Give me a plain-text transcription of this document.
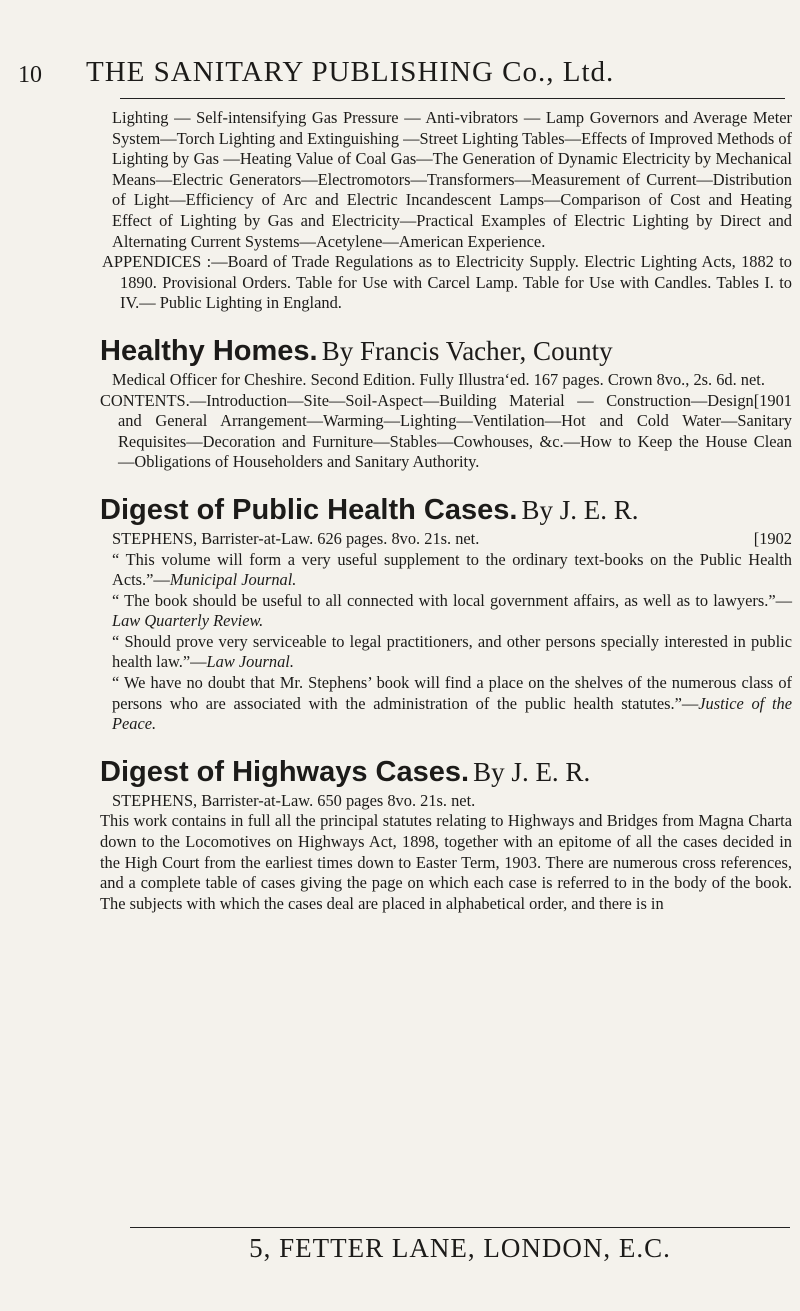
10 THE SANITARY PUBLISHING Co., Ltd.

Lighting — Self-intensifying Gas Pressure — Anti-vibrators — Lamp Governors and Average Meter System—Torch Lighting and Extinguishing —Street Lighting Tables—Effects of Improved Methods of Lighting by Gas —Heating Value of Coal Gas—The Generation of Dynamic Electricity by Mechanical Means—Electric Generators—Electromotors—Transformers—Measurement of Current—Distribution of Light—Efficiency of Arc and Electric Incandescent Lamps—Comparison of Cost and Heating Effect of Lighting by Gas and Electricity—Practical Examples of Electric Lighting by Direct and Alternating Current Systems—Acetylene—American Experience.

APPENDICES :—Board of Trade Regulations as to Electricity Supply. Electric Lighting Acts, 1882 to 1890. Provisional Orders. Table for Use with Carcel Lamp. Table for Use with Candles. Tables I. to IV.— Public Lighting in England.

Healthy Homes. By Francis Vacher, County

Medical Officer for Cheshire. Second Edition. Fully Illustra‘ed. 167 pages. Crown 8vo., 2s. 6d. net.
[1901

CONTENTS.—Introduction—Site—Soil-Aspect—Building Material — Construction—Design and General Arrangement—Warming—Lighting—Ventilation—Hot and Cold Water—Sanitary Requisites—Decoration and Furniture—Stables—Cowhouses, &c.—How to Keep the House Clean —Obligations of Householders and Sanitary Authority.

Digest of Public Health Cases. By J. E. R.

STEPHENS, Barrister-at-Law. 626 pages. 8vo. 21s. net.	[1902

“ This volume will form a very useful supplement to the ordinary text-books on the Public Health Acts.”—Municipal Journal.

“ The book should be useful to all connected with local government affairs, as well as to lawyers.”—Law Quarterly Review.

“ Should prove very serviceable to legal practitioners, and other persons specially interested in public health law.”—Law Journal.

“ We have no doubt that Mr. Stephens’ book will find a place on the shelves of the numerous class of persons who are associated with the administration of the public health statutes.”—Justice of the Peace.

Digest of Highways Cases. By J. E. R.

STEPHENS, Barrister-at-Law. 650 pages 8vo. 21s. net.

This work contains in full all the principal statutes relating to Highways and Bridges from Magna Charta down to the Locomotives on Highways Act, 1898, together with an epitome of all the cases decided in the High Court from the earliest times down to Easter Term, 1903. There are numerous cross references, and a complete table of cases giving the page on which each case is referred to in the body of the book. The subjects with which the cases deal are placed in alphabetical order, and there is in

5, FETTER LANE, LONDON, E.C.
